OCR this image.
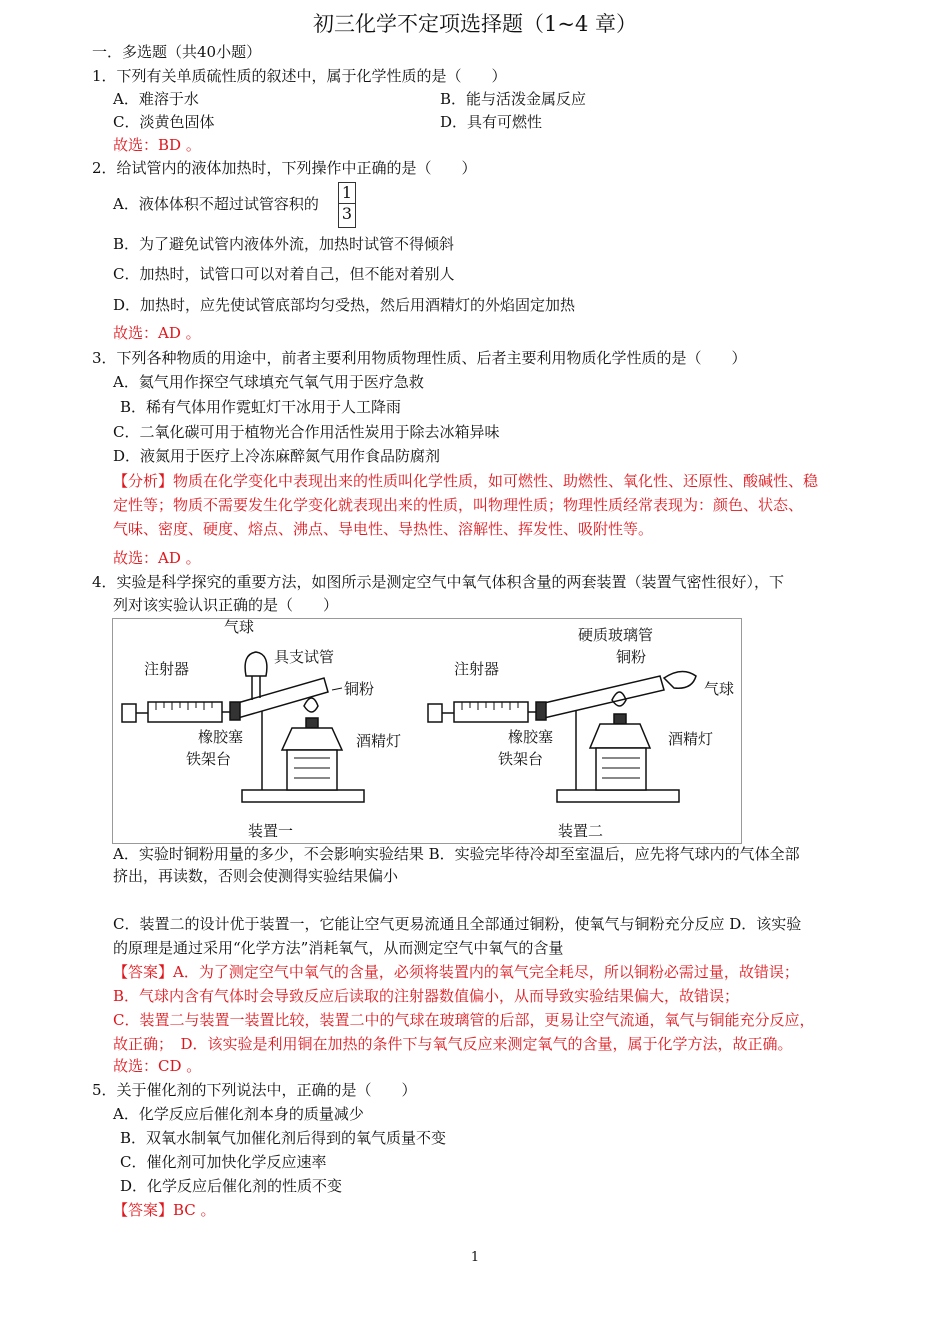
初三化学不定项选择题（1~4 章）
一．多选题（共40小题）
1．下列有关单质硫性质的叙述中，属于化学性质的是（　　）
A．难溶于水	B．能与活泼金属反应
C．淡黄色固体	D．具有可燃性
故选：BD 。
2．给试管内的液体加热时，下列操作中正确的是（　　）
A．液体体积不超过试管容积的 $\frac{1}{3}$
B．为了避免试管内液体外流，加热时试管不得倾斜
C．加热时，试管口可以对着自己，但不能对着别人
D．加热时，应先使试管底部均匀受热，然后用酒精灯的外焰固定加热
故选：AD 。
3．下列各种物质的用途中，前者主要利用物质物理性质、后者主要利用物质化学性质的是（　　）
A．氦气用作探空气球填充气氧气用于医疗急救
B．稀有气体用作霓虹灯干冰用于人工降雨
C．二氧化碳可用于植物光合作用活性炭用于除去冰箱异味
D．液氮用于医疗上冷冻麻醉氮气用作食品防腐剂
【分析】物质在化学变化中表现出来的性质叫化学性质，如可燃性、助燃性、氧化性、还原性、酸碱性、稳
定性等；物质不需要发生化学变化就表现出来的性质，叫物理性质；物理性质经常表现为：颜色、状态、
气味、密度、硬度、熔点、沸点、导电性、导热性、溶解性、挥发性、吸附性等。
故选：AD 。
4．实验是科学探究的重要方法，如图所示是测定空气中氧气体积含量的两套装置（装置气密性很好），下
列对该实验认识正确的是（　　）
气球
具支试管
注射器
铜粉
橡胶塞	酒精灯
铁架台
装置一
硬质玻璃管
铜粉
注射器
气球
橡胶塞	酒精灯
铁架台
装置二
A．实验时铜粉用量的多少，不会影响实验结果 B．实验完毕待冷却至室温后，应先将气球内的气体全部
挤出，再读数，否则会使测得实验结果偏小
C．装置二的设计优于装置一，它能让空气更易流通且全部通过铜粉，使氧气与铜粉充分反应 D．该实验
的原理是通过采用“化学方法”消耗氧气，从而测定空气中氧气的含量
【答案】A．为了测定空气中氧气的含量，必须将装置内的氧气完全耗尽，所以铜粉必需过量，故错误；
B．气球内含有气体时会导致反应后读取的注射器数值偏小，从而导致实验结果偏大，故错误；
C．装置二与装置一装置比较，装置二中的气球在玻璃管的后部，更易让空气流通，氧气与铜能充分反应，
故正确；　D．该实验是利用铜在加热的条件下与氧气反应来测定氧气的含量，属于化学方法，故正确。
故选：CD 。
5．关于催化剂的下列说法中，正确的是（　　）
A．化学反应后催化剂本身的质量减少
B．双氧水制氧气加催化剂后得到的氧气质量不变
C．催化剂可加快化学反应速率
D．化学反应后催化剂的性质不变
【答案】BC 。
1
